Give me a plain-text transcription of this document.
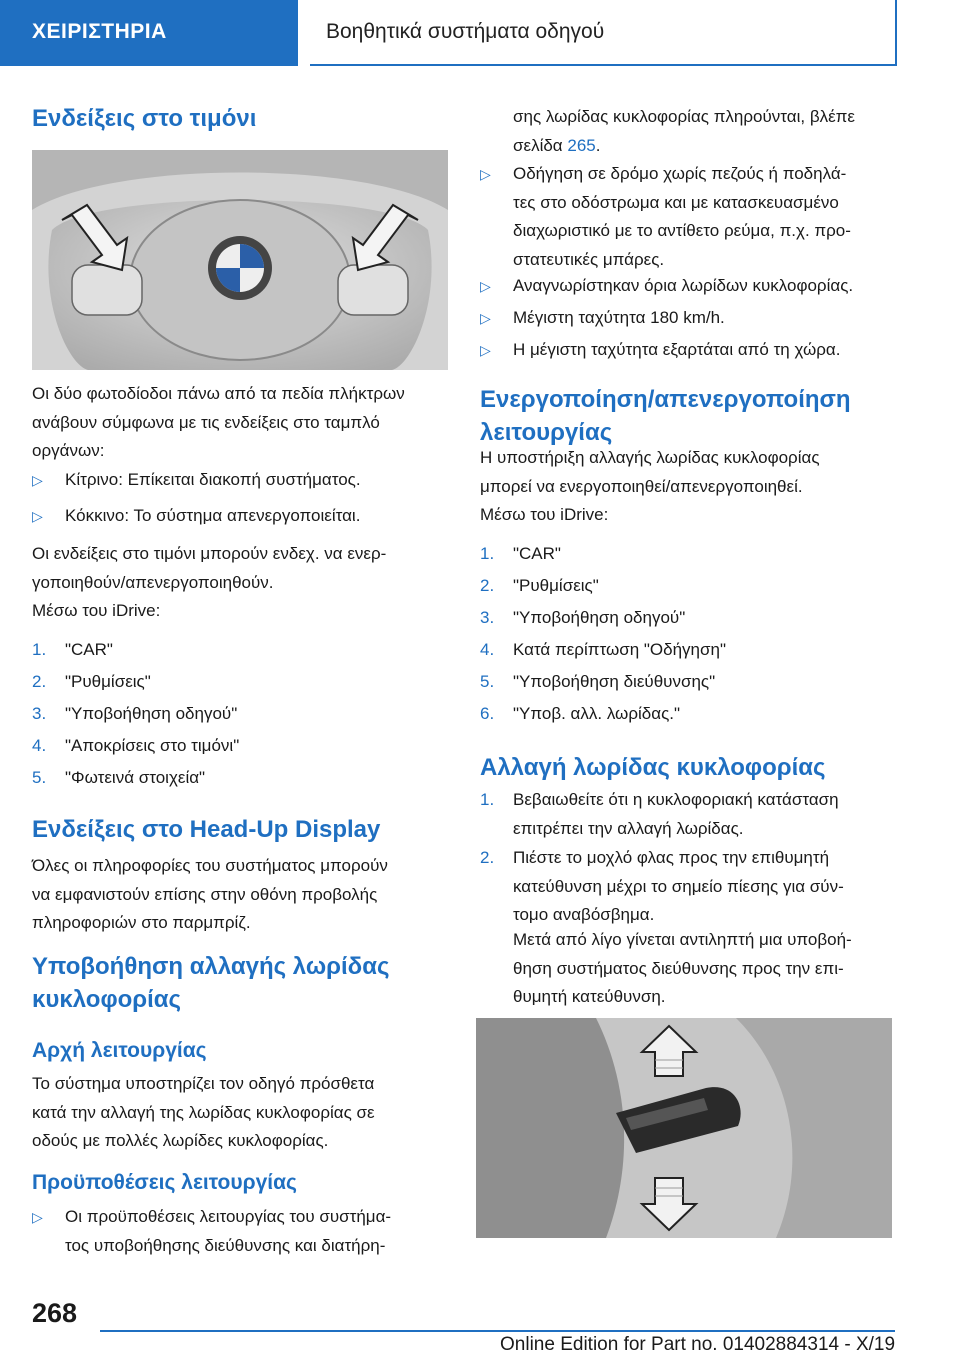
ΧΕΙΡΙΣΤΗΡΙΑ	Βοηθητικά συστήματα οδηγού
Ενδείξεις στο τιμόνι

Οι δύο φωτοδίοδοι πάνω από τα πεδία πλήκτρων
ανάβουν σύμφωνα με τις ενδείξεις στο ταμπλό
οργάνων:

▷ Κίτρινο: Επίκειται διακοπή συστήματος.
▷ Κόκκινο: Το σύστημα απενεργοποιείται.

Οι ενδείξεις στο τιμόνι μπορούν ενδεχ. να ενερ-
γοποιηθούν/απενεργοποιηθούν.

Μέσω του iDrive:

1. "CAR"
2. "Ρυθμίσεις"
3. "Υποβοήθηση οδηγού"
4. "Αποκρίσεις στο τιμόνι"
5. "Φωτεινά στοιχεία"
Ενδείξεις στο Head-Up Display

Όλες οι πληροφορίες του συστήματος μπορούν
να εμφανιστούν επίσης στην οθόνη προβολής
πληροφοριών στο παρμπρίζ.

Υποβοήθηση αλλαγής λωρίδας
κυκλοφορίας
Αρχή λειτουργίας

Το σύστημα υποστηρίζει τον οδηγό πρόσθετα
κατά την αλλαγή της λωρίδας κυκλοφορίας σε
οδούς με πολλές λωρίδες κυκλοφορίας.

Προϋποθέσεις λειτουργίας
▷ Οι προϋποθέσεις λειτουργίας του συστήμα-
τος υποβοήθησης διεύθυνσης και διατήρη-

σης λωρίδας κυκλοφορίας πληρούνται, βλέπε
σελίδα 265.

▷ Οδήγηση σε δρόμο χωρίς πεζούς ή ποδηλά-
τες στο οδόστρωμα και με κατασκευασμένο
διαχωριστικό με το αντίθετο ρεύμα, π.χ. προ-
στατευτικές μπάρες.
▷ Αναγνωρίστηκαν όρια λωρίδων κυκλοφορίας.
▷ Μέγιστη ταχύτητα 180 km/h.
▷ Η μέγιστη ταχύτητα εξαρτάται από τη χώρα.
Ενεργοποίηση/απενεργοποίηση
λειτουργίας

Η υποστήριξη αλλαγής λωρίδας κυκλοφορίας
μπορεί να ενεργοποιηθεί/απενεργοποιηθεί.

Μέσω του iDrive:

1. "CAR"
2. "Ρυθμίσεις"
3. "Υποβοήθηση οδηγού"
4. Κατά περίπτωση "Οδήγηση"
5. "Υποβοήθηση διεύθυνσης"
6. "Υποβ. αλλ. λωρίδας."
Αλλαγή λωρίδας κυκλοφορίας
1. Βεβαιωθείτε ότι η κυκλοφοριακή κατάσταση
επιτρέπει την αλλαγή λωρίδας.
2. Πιέστε το μοχλό φλας προς την επιθυμητή
κατεύθυνση μέχρι το σημείο πίεσης για σύν-
τομο αναβόσβημα.

Μετά από λίγο γίνεται αντιληπτή μια υποβοή-
θηση συστήματος διεύθυνσης προς την επι-
θυμητή κατεύθυνση.

268
Online Edition for Part no. 01402884314 - X/19
